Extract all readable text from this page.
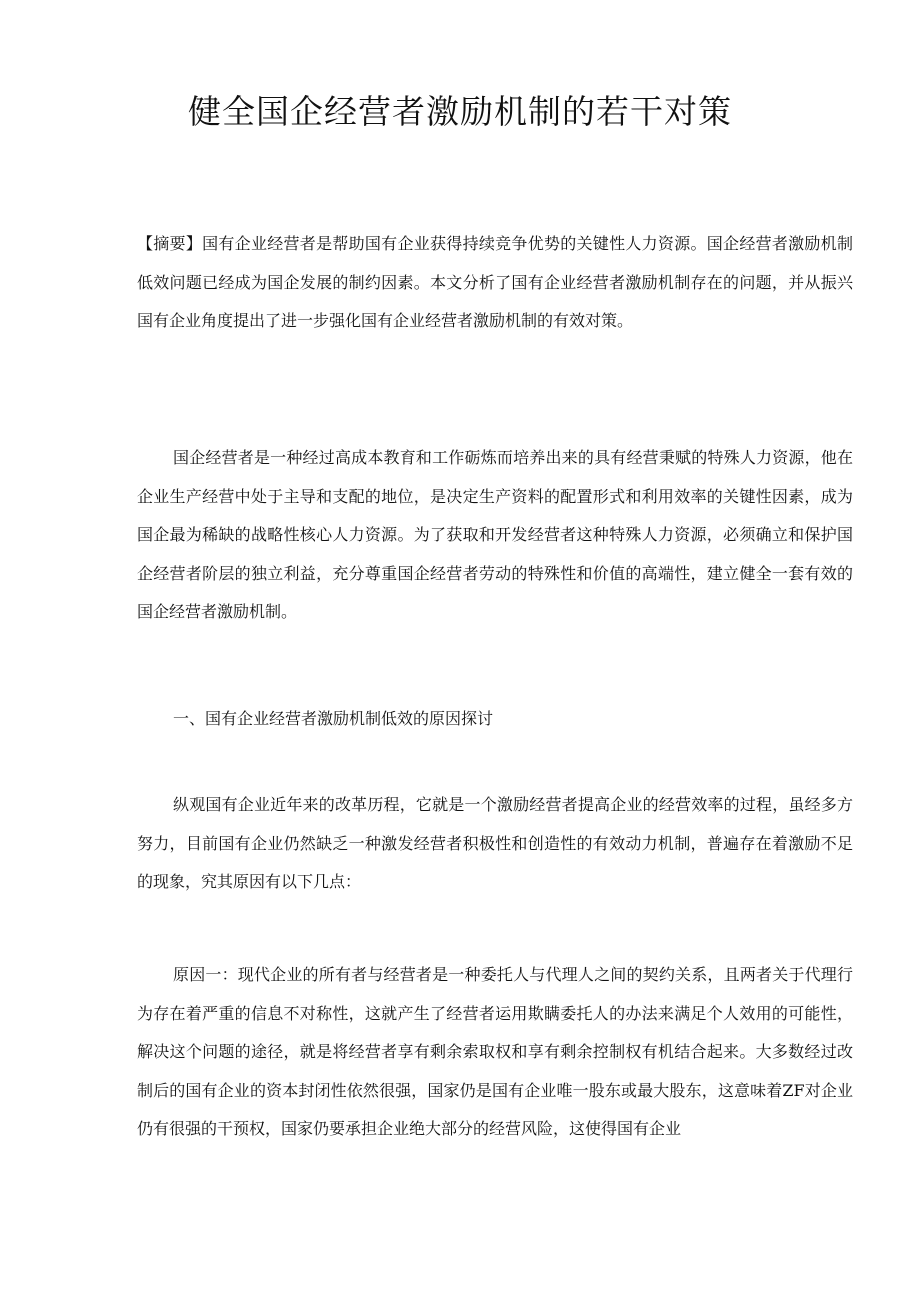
健全国企经营者激励机制的若干对策

【摘要】国有企业经营者是帮助国有企业获得持续竞争优势的关键性人力资源。国企经营者激励机制低效问题已经成为国企发展的制约因素。本文分析了国有企业经营者激励机制存在的问题，并从振兴国有企业角度提出了进一步强化国有企业经营者激励机制的有效对策。

国企经营者是一种经过高成本教育和工作砺炼而培养出来的具有经营秉赋的特殊人力资源，他在企业生产经营中处于主导和支配的地位，是决定生产资料的配置形式和利用效率的关键性因素，成为国企最为稀缺的战略性核心人力资源。为了获取和开发经营者这种特殊人力资源，必须确立和保护国企经营者阶层的独立利益，充分尊重国企经营者劳动的特殊性和价值的高端性，建立健全一套有效的国企经营者激励机制。

一、国有企业经营者激励机制低效的原因探讨

纵观国有企业近年来的改革历程，它就是一个激励经营者提高企业的经营效率的过程，虽经多方努力，目前国有企业仍然缺乏一种激发经营者积极性和创造性的有效动力机制，普遍存在着激励不足的现象，究其原因有以下几点：

原因一：现代企业的所有者与经营者是一种委托人与代理人之间的契约关系，且两者关于代理行为存在着严重的信息不对称性，这就产生了经营者运用欺瞒委托人的办法来满足个人效用的可能性，解决这个问题的途径，就是将经营者享有剩余索取权和享有剩余控制权有机结合起来。大多数经过改制后的国有企业的资本封闭性依然很强，国家仍是国有企业唯一股东或最大股东，这意味着ZF对企业仍有很强的干预权，国家仍要承担企业绝大部分的经营风险，这使得国有企业
